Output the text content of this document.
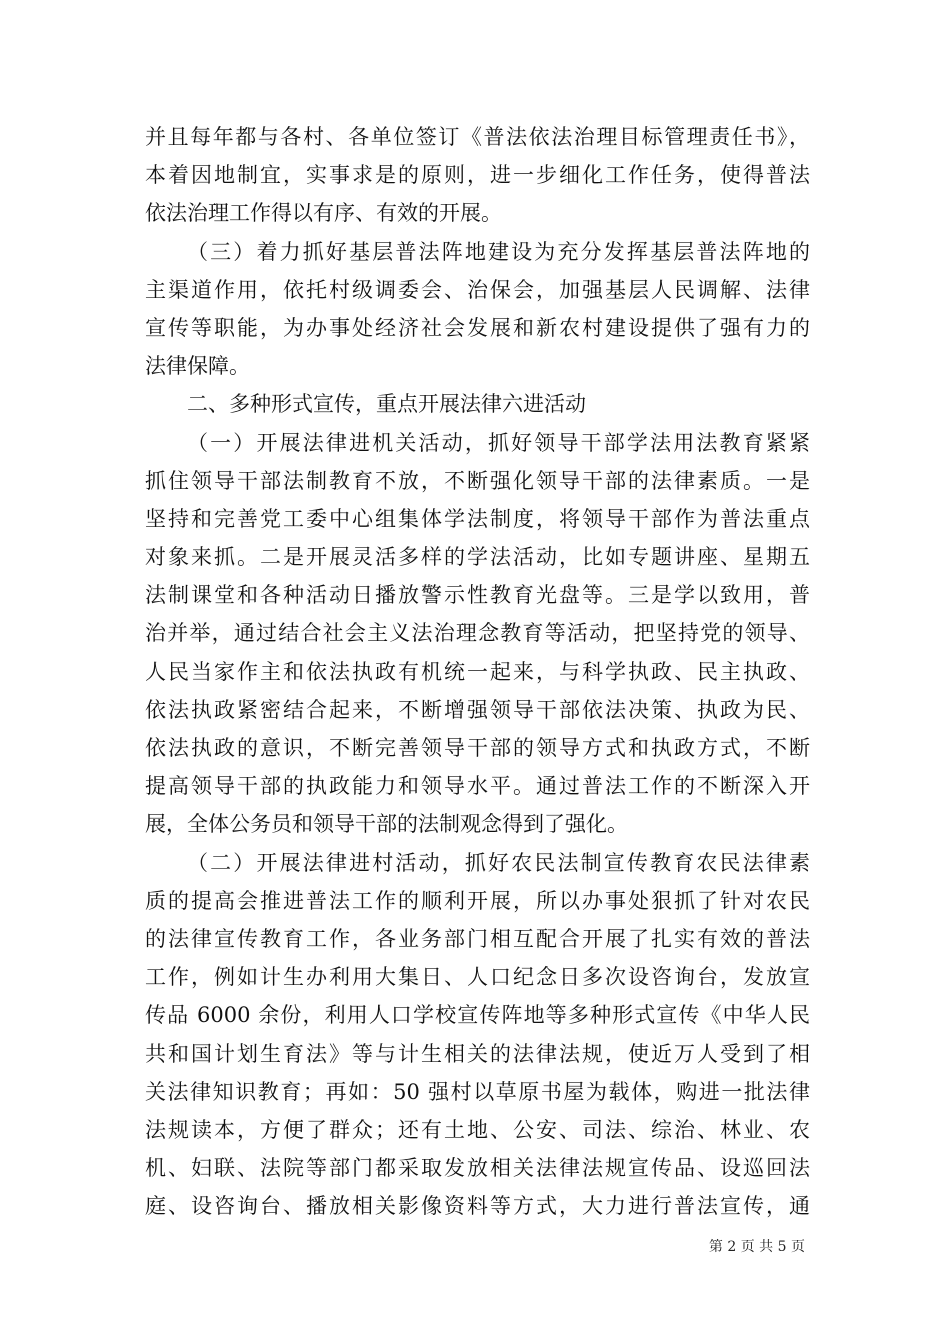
并且每年都与各村、各单位签订《普法依法治理目标管理责任书》，
本着因地制宜，实事求是的原则，进一步细化工作任务，使得普法
依法治理工作得以有序、有效的开展。
（三）着力抓好基层普法阵地建设为充分发挥基层普法阵地的
主渠道作用，依托村级调委会、治保会，加强基层人民调解、法律
宣传等职能，为办事处经济社会发展和新农村建设提供了强有力的
法律保障。
二、多种形式宣传，重点开展法律六进活动
（一）开展法律进机关活动，抓好领导干部学法用法教育紧紧
抓住领导干部法制教育不放，不断强化领导干部的法律素质。一是
坚持和完善党工委中心组集体学法制度，将领导干部作为普法重点
对象来抓。二是开展灵活多样的学法活动，比如专题讲座、星期五
法制课堂和各种活动日播放警示性教育光盘等。三是学以致用，普
治并举，通过结合社会主义法治理念教育等活动，把坚持党的领导、
人民当家作主和依法执政有机统一起来，与科学执政、民主执政、
依法执政紧密结合起来，不断增强领导干部依法决策、执政为民、
依法执政的意识，不断完善领导干部的领导方式和执政方式，不断
提高领导干部的执政能力和领导水平。通过普法工作的不断深入开
展，全体公务员和领导干部的法制观念得到了强化。
（二）开展法律进村活动，抓好农民法制宣传教育农民法律素
质的提高会推进普法工作的顺利开展，所以办事处狠抓了针对农民
的法律宣传教育工作，各业务部门相互配合开展了扎实有效的普法
工作，例如计生办利用大集日、人口纪念日多次设咨询台，发放宣
传品 6000 余份，利用人口学校宣传阵地等多种形式宣传《中华人民
共和国计划生育法》等与计生相关的法律法规，使近万人受到了相
关法律知识教育；再如：50 强村以草原书屋为载体，购进一批法律
法规读本，方便了群众；还有土地、公安、司法、综治、林业、农
机、妇联、法院等部门都采取发放相关法律法规宣传品、设巡回法
庭、设咨询台、播放相关影像资料等方式，大力进行普法宣传，通
第 2 页 共 5 页
